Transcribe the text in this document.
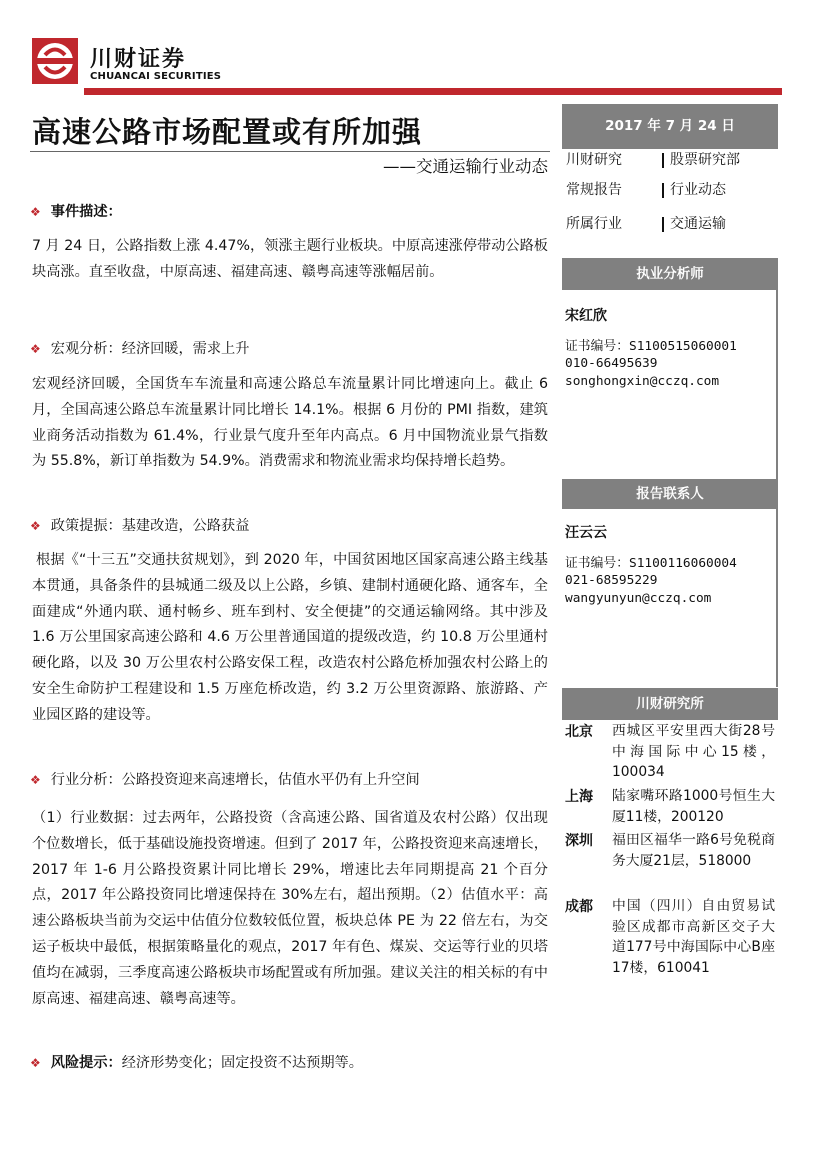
川财证券
CHUANCAI SECURITIES
高速公路市场配置或有所加强
——交通运输行业动态
❖ 事件描述：
7 月 24 日，公路指数上涨 4.47%，领涨主题行业板块。中原高速涨停带动公路板块高涨。直至收盘，中原高速、福建高速、赣粤高速等涨幅居前。
❖ 宏观分析：经济回暖，需求上升
宏观经济回暖，全国货车车流量和高速公路总车流量累计同比增速向上。截止 6 月，全国高速公路总车流量累计同比增长 14.1%。根据 6 月份的 PMI 指数，建筑业商务活动指数为 61.4%，行业景气度升至年内高点。6 月中国物流业景气指数为 55.8%，新订单指数为 54.9%。消费需求和物流业需求均保持增长趋势。
❖ 政策提振：基建改造，公路获益
根据《“十三五”交通扶贫规划》，到 2020 年，中国贫困地区国家高速公路主线基本贯通，具备条件的县城通二级及以上公路，乡镇、建制村通硬化路、通客车，全面建成“外通内联、通村畅乡、班车到村、安全便捷”的交通运输网络。其中涉及 1.6 万公里国家高速公路和 4.6 万公里普通国道的提级改造，约 10.8 万公里通村硬化路，以及 30 万公里农村公路安保工程，改造农村公路危桥加强农村公路上的安全生命防护工程建设和 1.5 万座危桥改造，约 3.2 万公里资源路、旅游路、产业园区路的建设等。
❖ 行业分析：公路投资迎来高速增长，估值水平仍有上升空间
（1）行业数据：过去两年，公路投资（含高速公路、国省道及农村公路）仅出现个位数增长，低于基础设施投资增速。但到了 2017 年，公路投资迎来高速增长，2017 年 1-6 月公路投资累计同比增长 29%，增速比去年同期提高 21 个百分点，2017 年公路投资同比增速保持在 30%左右，超出预期。（2）估值水平：高速公路板块当前为交运中估值分位数较低位置，板块总体 PE 为 22 倍左右，为交运子板块中最低，根据策略量化的观点，2017 年有色、煤炭、交运等行业的贝塔值均在减弱，三季度高速公路板块市场配置或有所加强。建议关注的相关标的有中原高速、福建高速、赣粤高速等。
❖ 风险提示：经济形势变化；固定投资不达预期等。
2017 年 7 月 24 日
川财研究	股票研究部
常规报告	行业动态
所属行业	交通运输
执业分析师
宋红欣
证书编号：S1100515060001
010-66495639
songhongxin@cczq.com
报告联系人
汪云云
证书编号：S1100116060004
021-68595229
wangyunyun@cczq.com
川财研究所
北京 西城区平安里西大街28号中海国际中心15楼，100034
上海 陆家嘴环路1000号恒生大厦11楼，200120
深圳 福田区福华一路6号免税商务大厦21层，518000
成都 中国（四川）自由贸易试验区成都市高新区交子大道177号中海国际中心B座17楼，610041
